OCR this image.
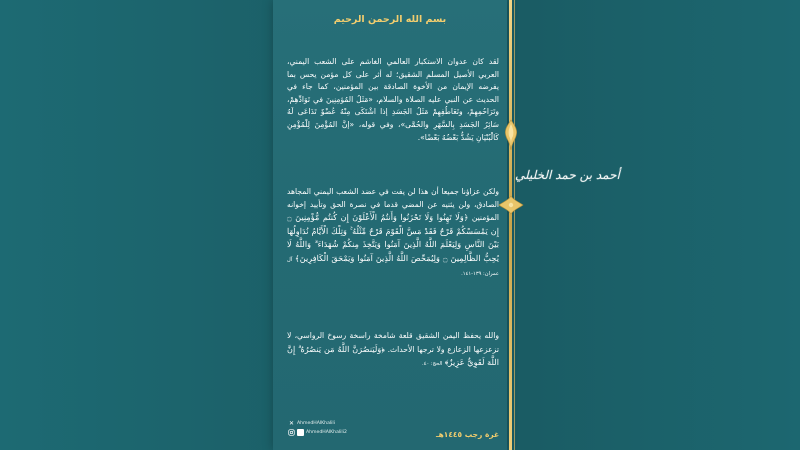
أحمد بن حمد الخليلي
بسم الله الرحمن الرحيم
لقد كان عدوان الاستكبار العالمي الغاشم على الشعب اليمني، العربي الأصيل المسلم الشقيق؛ له أثر على كل مؤمن يحس بما يفرضه الإيمان من الأخوة الصادقة بين المؤمنين، كما جاء في الحديث عن النبي عليه الصلاة والسلام، «مَثَلُ المُؤمِنِينَ في تَوَادِّهِمْ، وتَرَاحُمِهِمْ، وتَعَاطُفِهِمْ مَثَلُ الجَسَدِ إذا اشْتَكَى مِنْهُ عُضْوٌ تَدَاعَى لَهُ سَائِرُ الجَسَدِ بِالسَّهَرِ والحُمَّى»، وفي قوله، «إنَّ المُؤْمِنَ لِلْمُؤْمِنِ كَالْبُنْيَانِ يَشُدُّ بَعْضُهُ بَعْضًا».
ولكن عزاؤنا جميعا أن هذا لن يفت في عضد الشعب اليمني المجاهد الصادق، ولن يثنيه عن المضي قدما في نصرة الحق وتأييد إخوانه المؤمنين ﴿وَلَا تَهِنُوا وَلَا تَحْزَنُوا وَأَنتُمُ الْأَعْلَوْنَ إِن كُنتُم مُّؤْمِنِينَ ۝ إِن يَمْسَسْكُمْ قَرْحٌ فَقَدْ مَسَّ الْقَوْمَ قَرْحٌ مِّثْلُهُ ۚ وَتِلْكَ الْأَيَّامُ نُدَاوِلُهَا بَيْنَ النَّاسِ وَلِيَعْلَمَ اللَّهُ الَّذِينَ آمَنُوا وَيَتَّخِذَ مِنكُمْ شُهَدَاءَ ۗ وَاللَّهُ لَا يُحِبُّ الظَّالِمِينَ ۝ وَلِيُمَحِّصَ اللَّهُ الَّذِينَ آمَنُوا وَيَمْحَقَ الْكَافِرِينَ﴾ آل عمران: ١٣٩-١٤١.
والله يحفظ اليمن الشقيق قلعة شامخة راسخة رسوخ الرواسي، لا تزعزعها الزعازع ولا ترجها الأحداث. ﴿وَلَيَنصُرَنَّ اللَّهُ مَن يَنصُرُهُ ۗ إِنَّ اللَّهَ لَقَوِيٌّ عَزِيزٌ﴾ الحج: ٤٠.
✕ AhmedHAlKhalili
f AhmedHAlKhalili2	غرة رجب ١٤٤٥هـ
